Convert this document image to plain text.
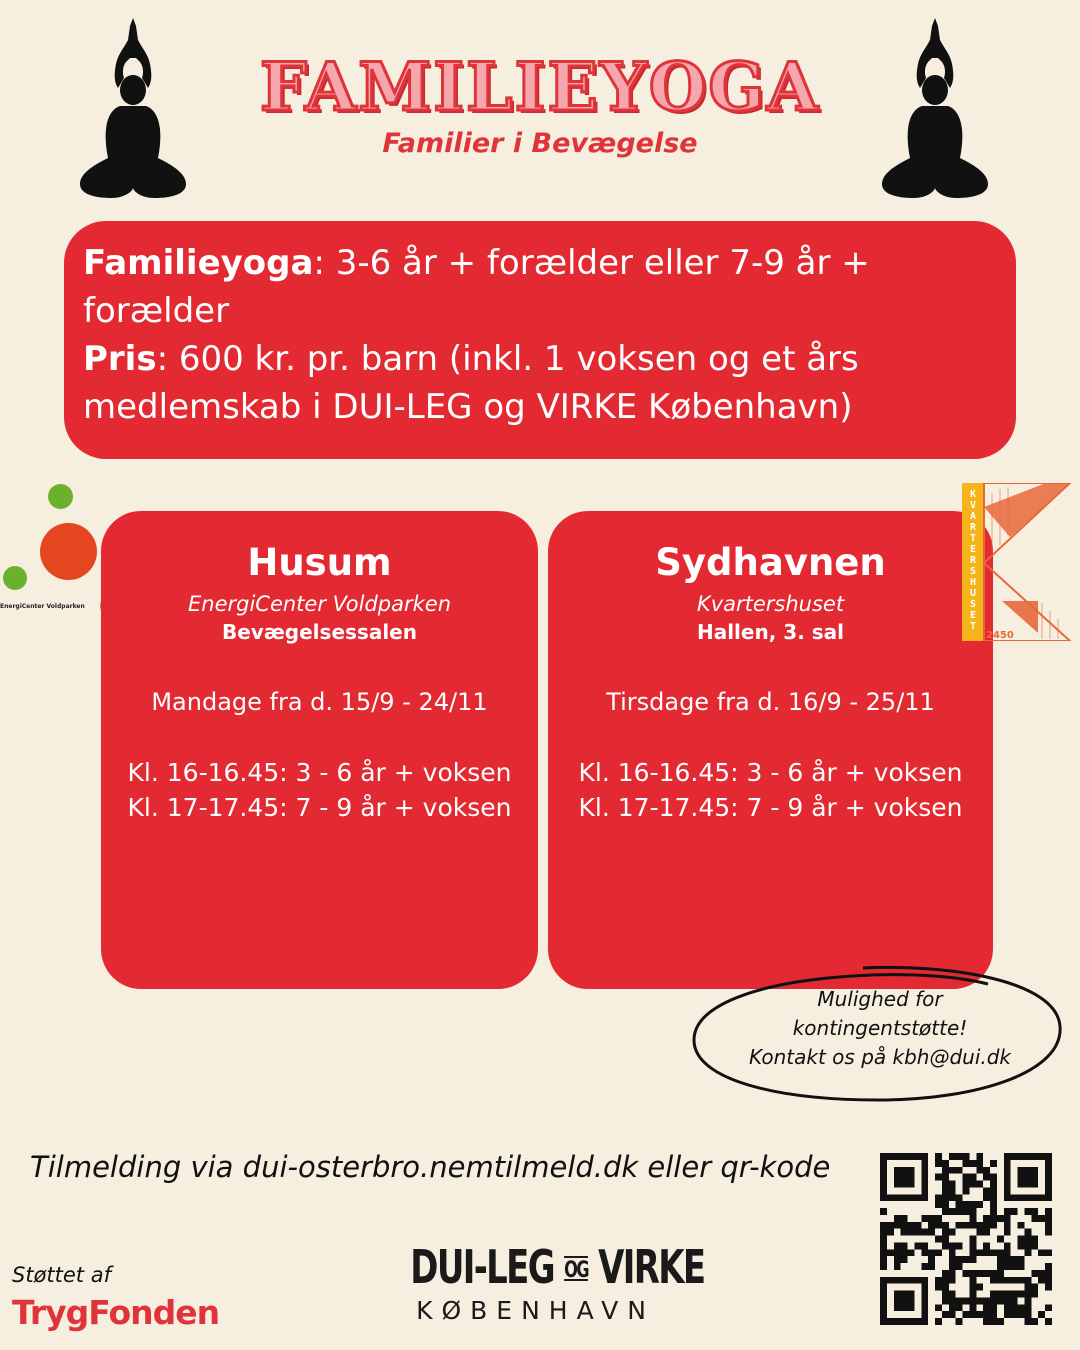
FAMILIEYOGA
Familier i Bevægelse
Familieyoga: 3-6 år + forælder eller 7-9 år + forælder
Pris: 600 kr. pr. barn (inkl. 1 voksen og et års medlemskab i DUI-LEG og VIRKE København)
EnergiCenter Voldparken
Husum
EnergiCenter Voldparken
Bevægelsessalen
Mandage fra d. 15/9 - 24/11
Kl. 16-16.45: 3 - 6 år + voksen
Kl. 17-17.45: 7 - 9 år + voksen
Sydhavnen
Kvartershuset
Hallen, 3. sal
Tirsdage fra d. 16/9 - 25/11
Kl. 16-16.45: 3 - 6 år + voksen
Kl. 17-17.45: 7 - 9 år + voksen
K V A R T E R S H U S E T
2450
Mulighed for
kontingentstøtte!
Kontakt os på kbh@dui.dk
Tilmelding via dui-osterbro.nemtilmeld.dk eller qr-kode
Støttet af
TrygFonden
DUI-LEG OG VIRKE
KØBENHAVN
